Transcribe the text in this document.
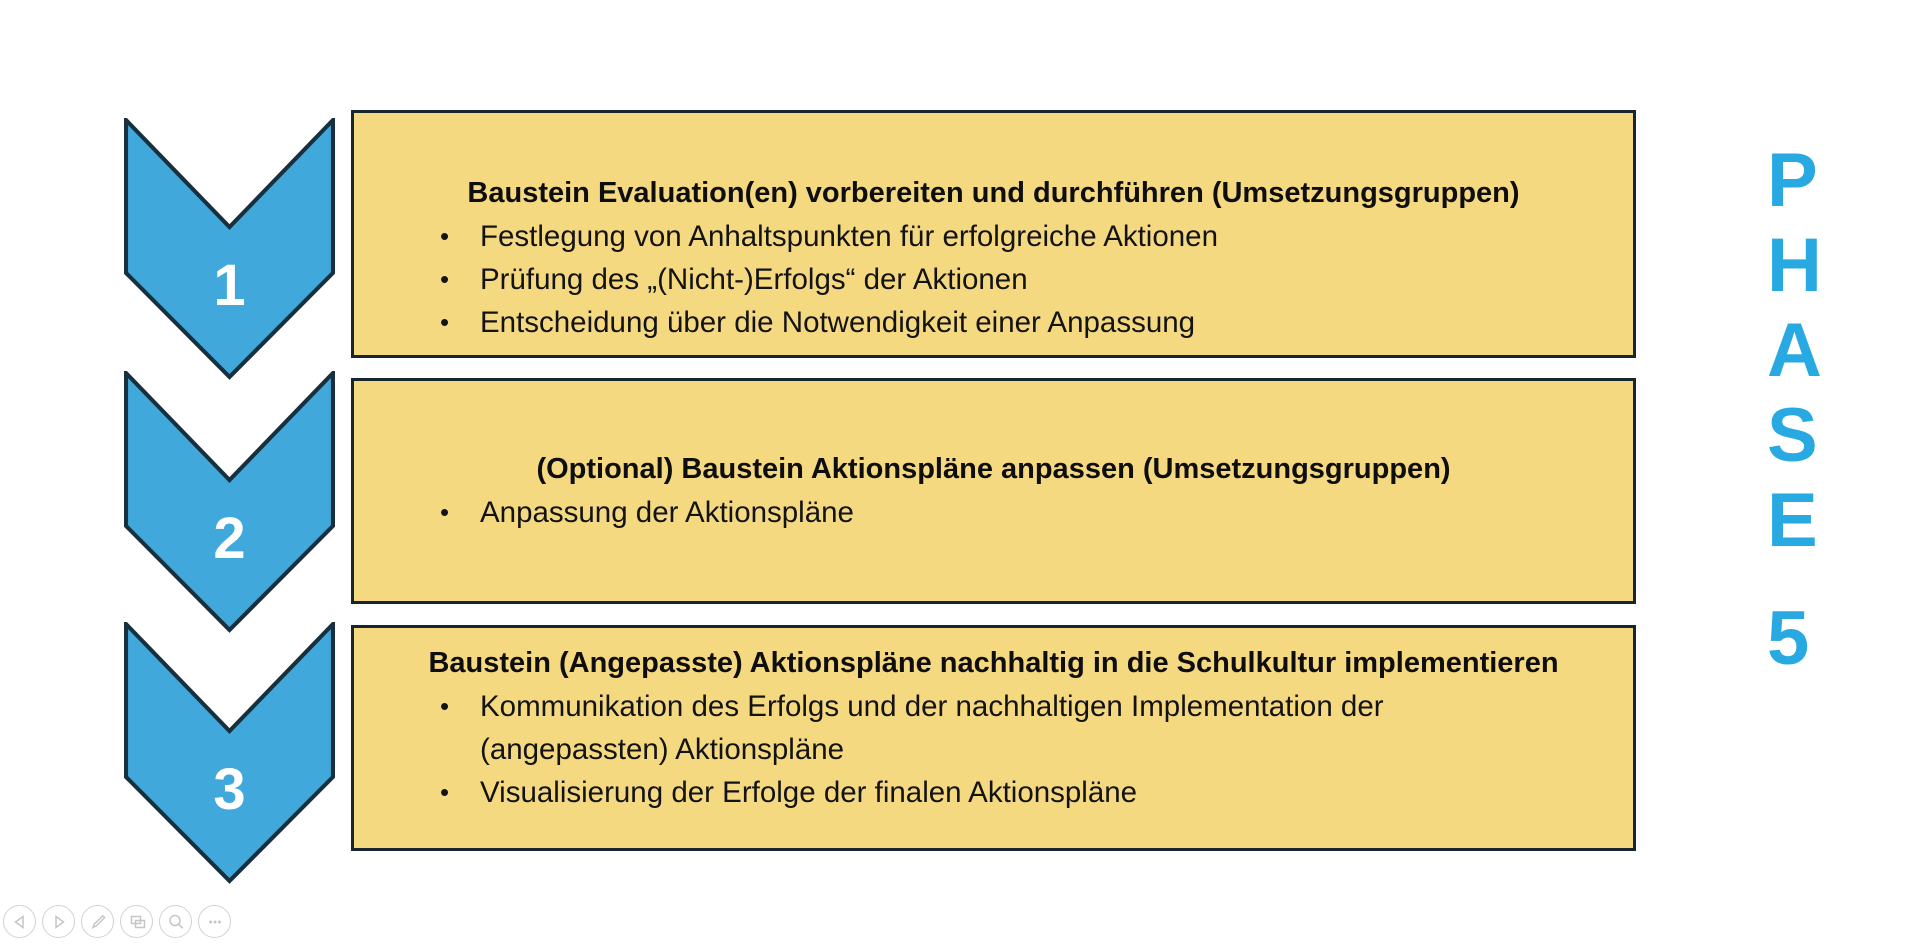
1
2
3
Baustein Evaluation(en) vorbereiten und durchführen (Umsetzungsgruppen)
•	Festlegung von Anhaltspunkten für erfolgreiche Aktionen
•	Prüfung des „(Nicht-)Erfolgs“ der Aktionen
•	Entscheidung über die Notwendigkeit einer Anpassung
(Optional) Baustein Aktionspläne anpassen (Umsetzungsgruppen)
•	Anpassung der Aktionspläne
Baustein (Angepasste) Aktionspläne nachhaltig in die Schulkultur implementieren
•	Kommunikation des Erfolgs und der nachhaltigen Implementation der (angepassten) Aktionspläne
•	Visualisierung der Erfolge der finalen Aktionspläne
PHASE
5
